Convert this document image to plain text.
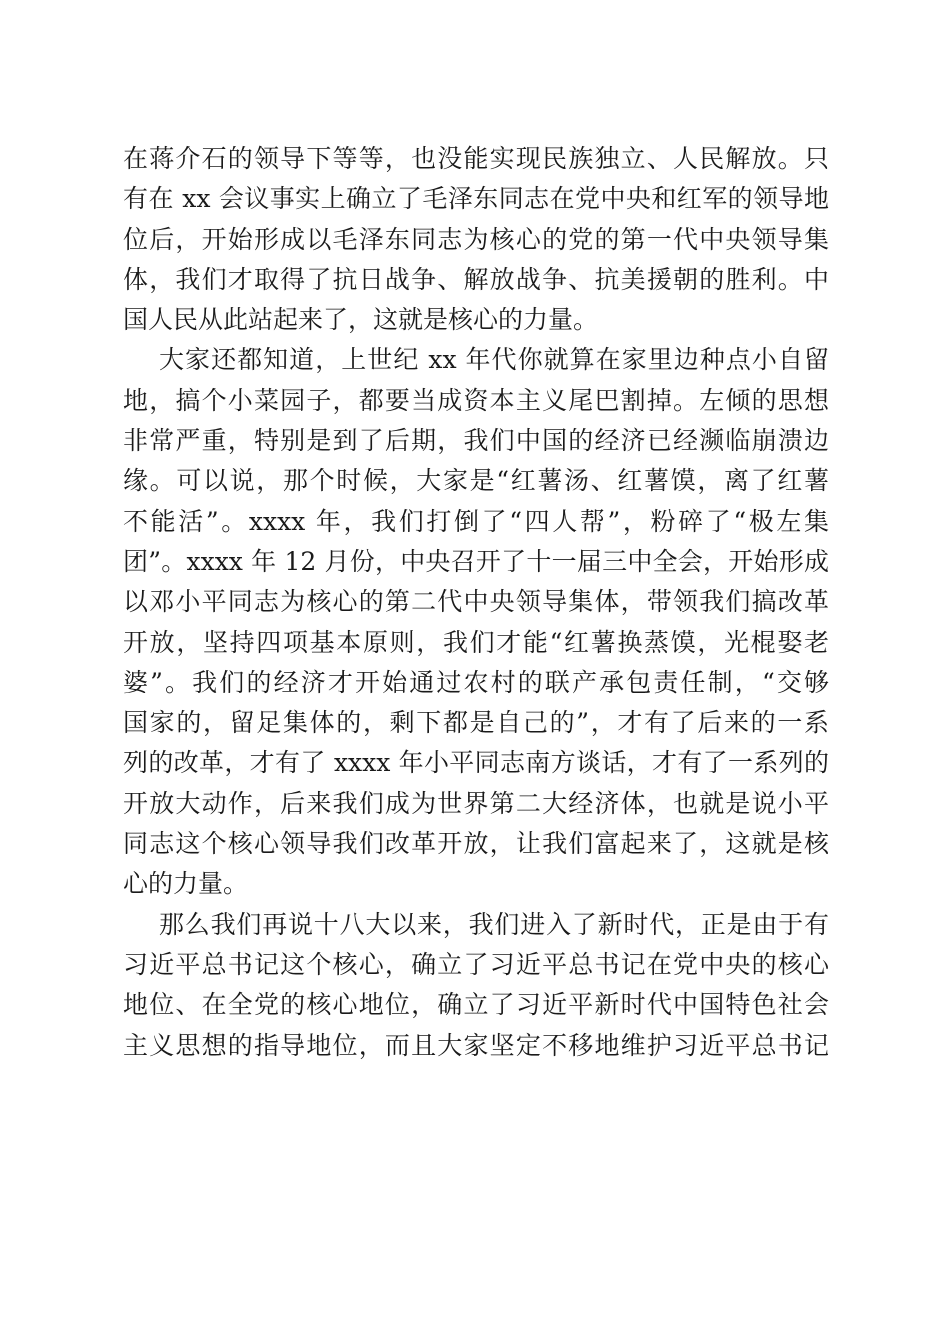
在蒋介石的领导下等等，也没能实现民族独立、人民解放。只
有在 xx 会议事实上确立了毛泽东同志在党中央和红军的领导地
位后，开始形成以毛泽东同志为核心的党的第一代中央领导集
体，我们才取得了抗日战争、解放战争、抗美援朝的胜利。中
国人民从此站起来了，这就是核心的力量。
大家还都知道，上世纪 xx 年代你就算在家里边种点小自留
地，搞个小菜园子，都要当成资本主义尾巴割掉。左倾的思想
非常严重，特别是到了后期，我们中国的经济已经濒临崩溃边
缘。可以说，那个时候，大家是“红薯汤、红薯馍，离了红薯
不能活”。xxxx 年，我们打倒了“四人帮”，粉碎了“极左集
团”。xxxx 年 12 月份，中央召开了十一届三中全会，开始形成
以邓小平同志为核心的第二代中央领导集体，带领我们搞改革
开放，坚持四项基本原则，我们才能“红薯换蒸馍，光棍娶老
婆”。我们的经济才开始通过农村的联产承包责任制，“交够
国家的，留足集体的，剩下都是自己的”，才有了后来的一系
列的改革，才有了 xxxx 年小平同志南方谈话，才有了一系列的
开放大动作，后来我们成为世界第二大经济体，也就是说小平
同志这个核心领导我们改革开放，让我们富起来了，这就是核
心的力量。
那么我们再说十八大以来，我们进入了新时代，正是由于有
习近平总书记这个核心，确立了习近平总书记在党中央的核心
地位、在全党的核心地位，确立了习近平新时代中国特色社会
主义思想的指导地位，而且大家坚定不移地维护习近平总书记
